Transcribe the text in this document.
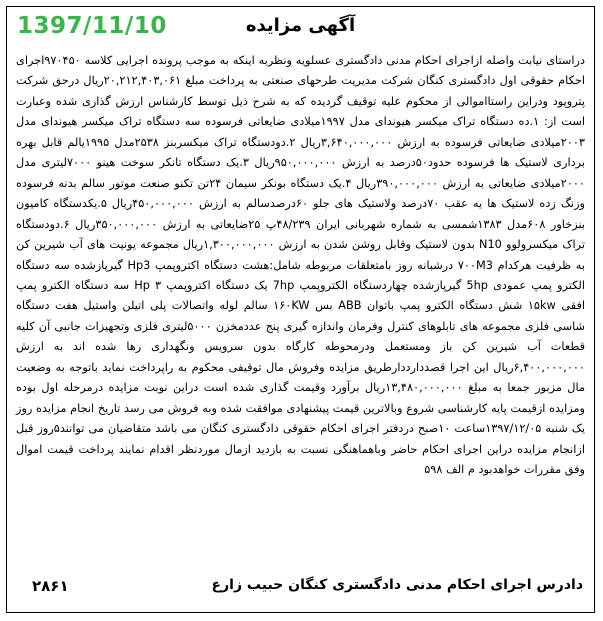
1397/11/10	آگهی مزایده
دراستای نیابت واصله ازاجرای احکام مدنی دادگستری عسلویه ونظربه اینکه به موجب پرونده اجرایی کلاسه ۹۷۰۴۵۰اجرای احکام حقوقی اول دادگستری کنگان شرکت مدیریت طرحهای صنعتی به پرداخت مبلغ ۲۰,۲۱۲,۴۰۳,۰۶۱ریال درحق شرکت پتروپود ودراین راستااموالی از محکوم علیه توقیف گردیده که به شرح ذیل توسط کارشناس ارزش گذاری شده وعبارت است از: ۱.ده دستگاه تراک میکسر هیوندای مدل ۱۹۹۷میلادی ضایعاتی فرسوده سه دستگاه تراک میکسر هیوندای مدل ۲۰۰۳میلادی ضایعاتی فرسوده به ارزش ۳,۶۴۰,۰۰۰,۰۰۰ریال ۲.دودستگاه تراک میکسربنز ۲۵۳۸مدل ۱۹۹۵یالم قابل بهره برداری لاستیک ها فرسوده حدود۵۰درصد به ارزش ۹۵۰,۰۰۰,۰۰۰ریال ۳.یک دستگاه تانکر سوخت هینو ۷۰۰۰لیتری مدل ۲۰۰۰میلادی ضایعاتی به ارزش ۳۹۰,۰۰۰,۰۰۰ریال ۴.یک دستگاه بونکر سیمان ۲۴تن تکنو صنعت موتور سالم بدنه فرسوده وزنگ زده لاستیک ها یه عقب ۷۰درصد ولاستیک های جلو ۶۰درصدسالم به ارزش ۴۵۰,۰۰۰,۰۰۰ریال ۵.یکدستگاه کامیون بنزخاور ۶۰۸مدل ۱۳۸۳شمسی به شماره شهربانی ایران ۴۸/۲۳۹پ ۲۵ضایعاتی به ارزش ۳۵۰,۰۰۰,۰۰۰ریال ۶.دودستگاه تراک میکسرولوو N10 بدون لاستیک وقابل روشن شدن به ارزش ۱,۳۰۰,۰۰۰,۰۰۰ریال مجموعه یونیت های آب شیرین کن به ظرفیت هرکدام ۷۰۰M3 درشبانه روز بامتعلقات مربوطه شامل:هشت دستگاه اکتروپمپ Hp3 گیرپازشده سه دستگاه الکترو پمپ عمودی 5hp گیرپازشده چهاردستگاه الکتروپمپ 7hp یک دستگاه اکتروپمپ ۳ Hp سه دستگاه الکترو پمپ افقی ۱۵kw شش دستگاه الکترو پمپ باتوان ABB بس ۱۶۰KW سالم لوله واتصالات پلی اتیلن واستیل هفت دستگاه شاسی فلزی مجموعه های تابلوهای کنترل وفرمان واندازه گیری پنج عددمخزن ۵۰۰۰لیتری فلزی وتجهیزات جانبی آن کلیه قطعات آب شیرین کن باز ومستعمل ودرمحوطه کارگاه بدون سرویس ونگهداری رها شده اند به ارزش ۶,۴۰۰,۰۰۰,۰۰۰ریال این اجرا قصددارددارطریق مزایده وفروش مال توقیفی محکوم به راپرداخت نماید باتوجه به وضعیت مال مزبور جمعا به مبلغ ۱۳,۴۸۰,۰۰۰,۰۰۰ریال برآورد وقیمت گذاری شده است دراین نوبت مزایده درمرحله اول بوده ومزایده ازقیمت پایه کارشناسی شروع وبالاترین قیمت پیشنهادی موافقت شده وبه فروش می رسد تاریخ انجام مزایده روز یک شنبه ۱۳۹۷/۱۲/۰۵ساعت ۱۰صبح دردفتر اجرای احکام حقوقی دادگستری کنگان می باشد متقاضیان می توانند۵روز قبل ازانجام مزایده دراین اجرای احکام حاضر وباهماهنگی نسبت به بازدید ازمال موردنظر اقدام نمایند پرداخت قیمت اموال وفق مقررات خواهدبود م الف ۵۹۸
دادرس اجرای احکام مدنی دادگستری کنگان حبیب زارع
۲۸۶۱
